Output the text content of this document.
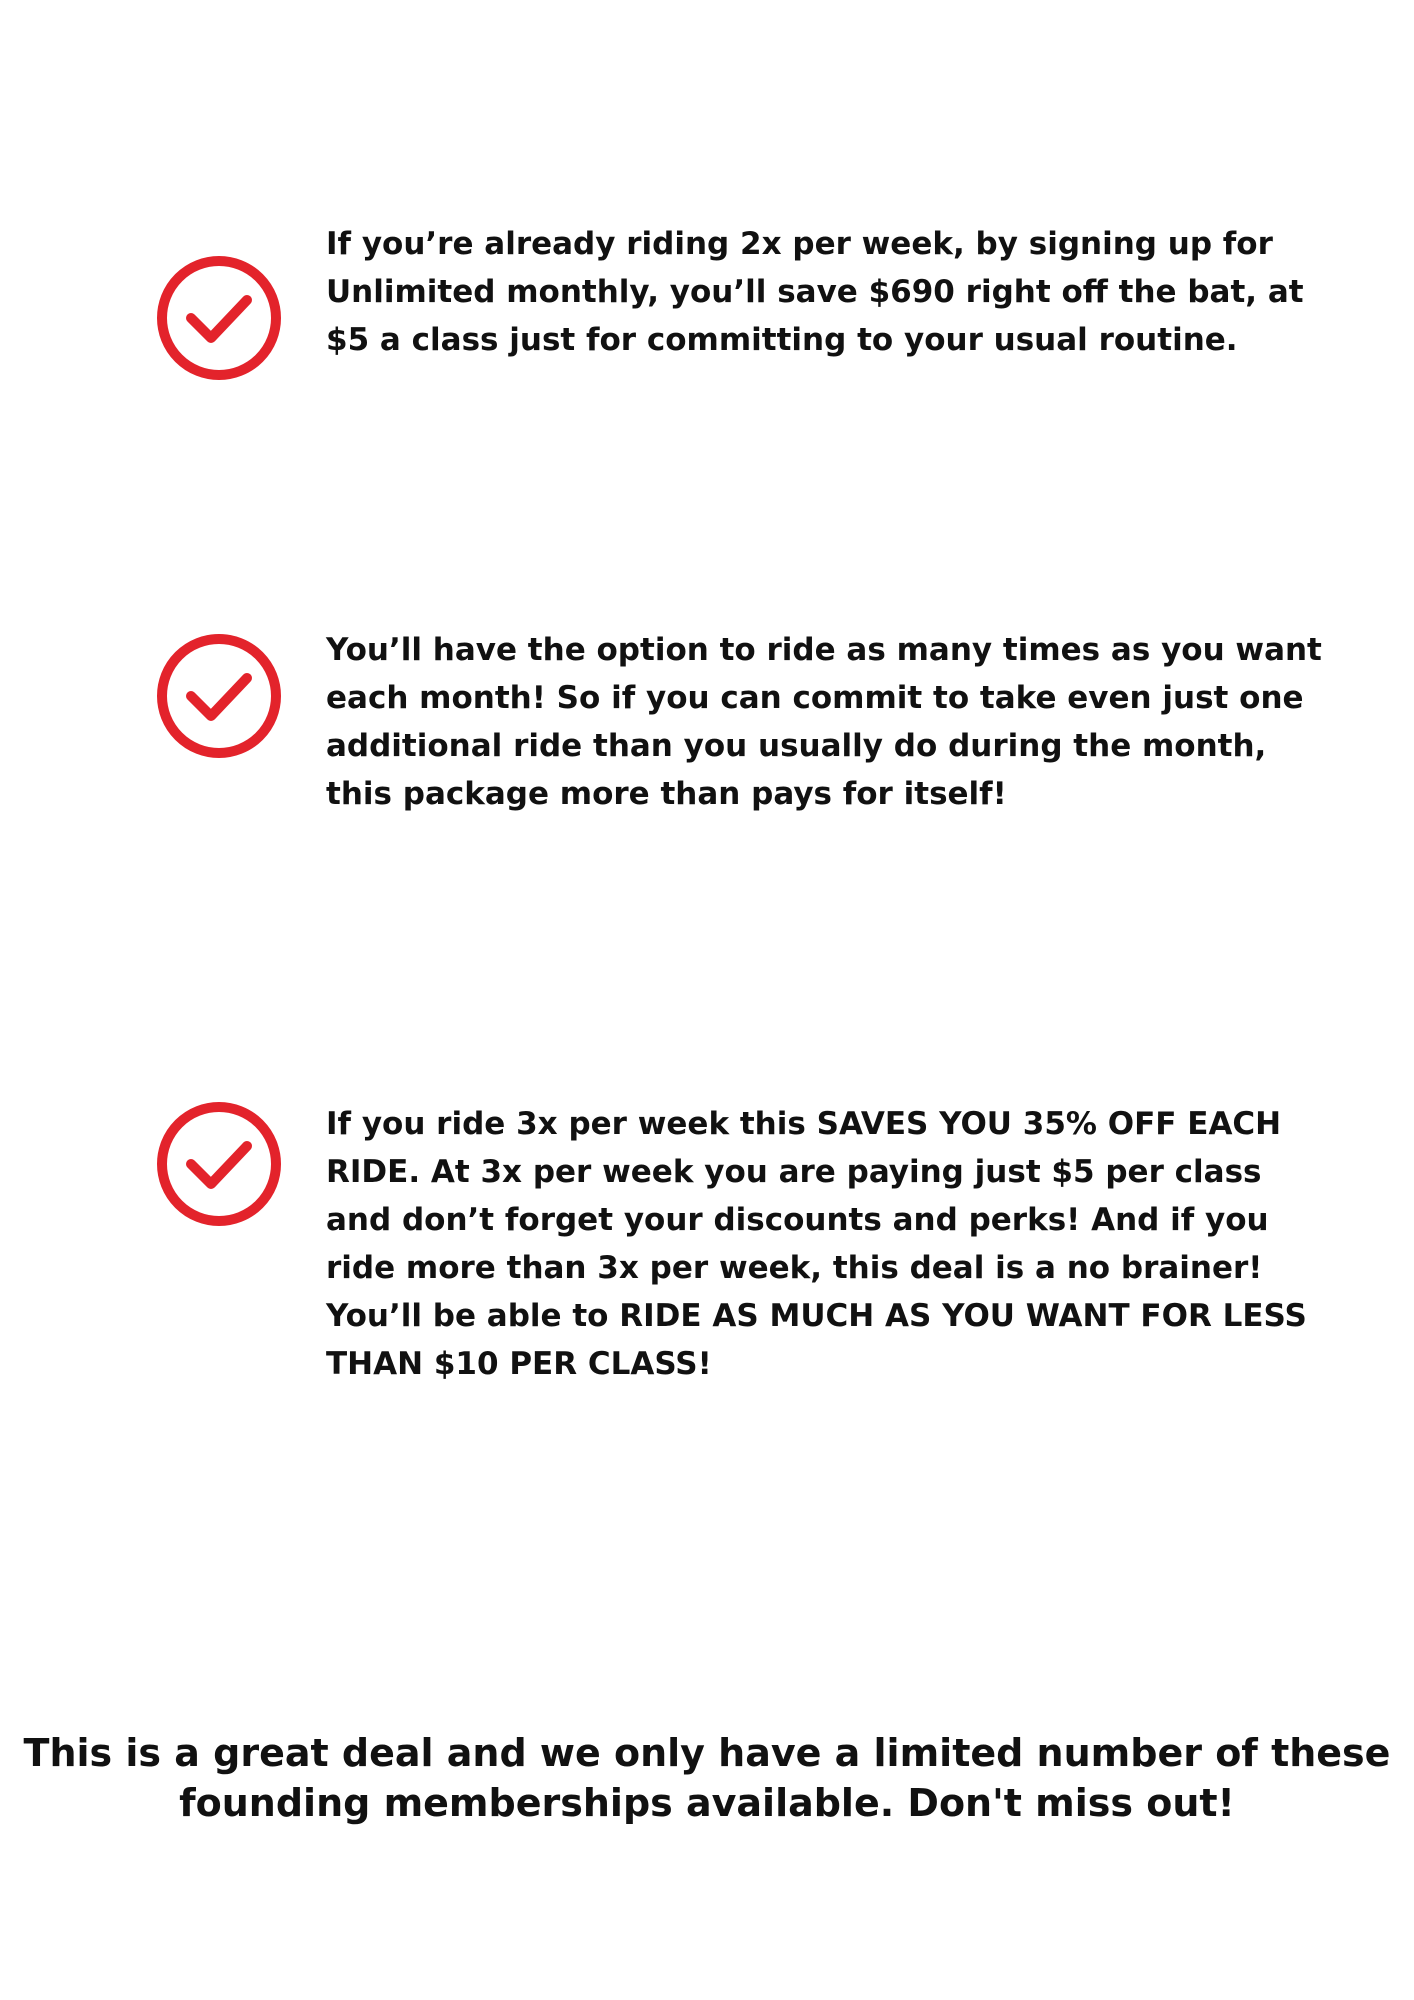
If you’re already riding 2x per week, by signing up for Unlimited monthly, you’ll save $690 right off the bat, at $5 a class just for committing to your usual routine.

You’ll have the option to ride as many times as you want each month! So if you can commit to take even just one additional ride than you usually do during the month, this package more than pays for itself!

If you ride 3x per week this SAVES YOU 35% OFF EACH RIDE. At 3x per week you are paying just $5 per class and don’t forget your discounts and perks! And if you ride more than 3x per week, this deal is a no brainer! You’ll be able to RIDE AS MUCH AS YOU WANT FOR LESS THAN $10 PER CLASS!

This is a great deal and we only have a limited number of these founding memberships available. Don't miss out!
